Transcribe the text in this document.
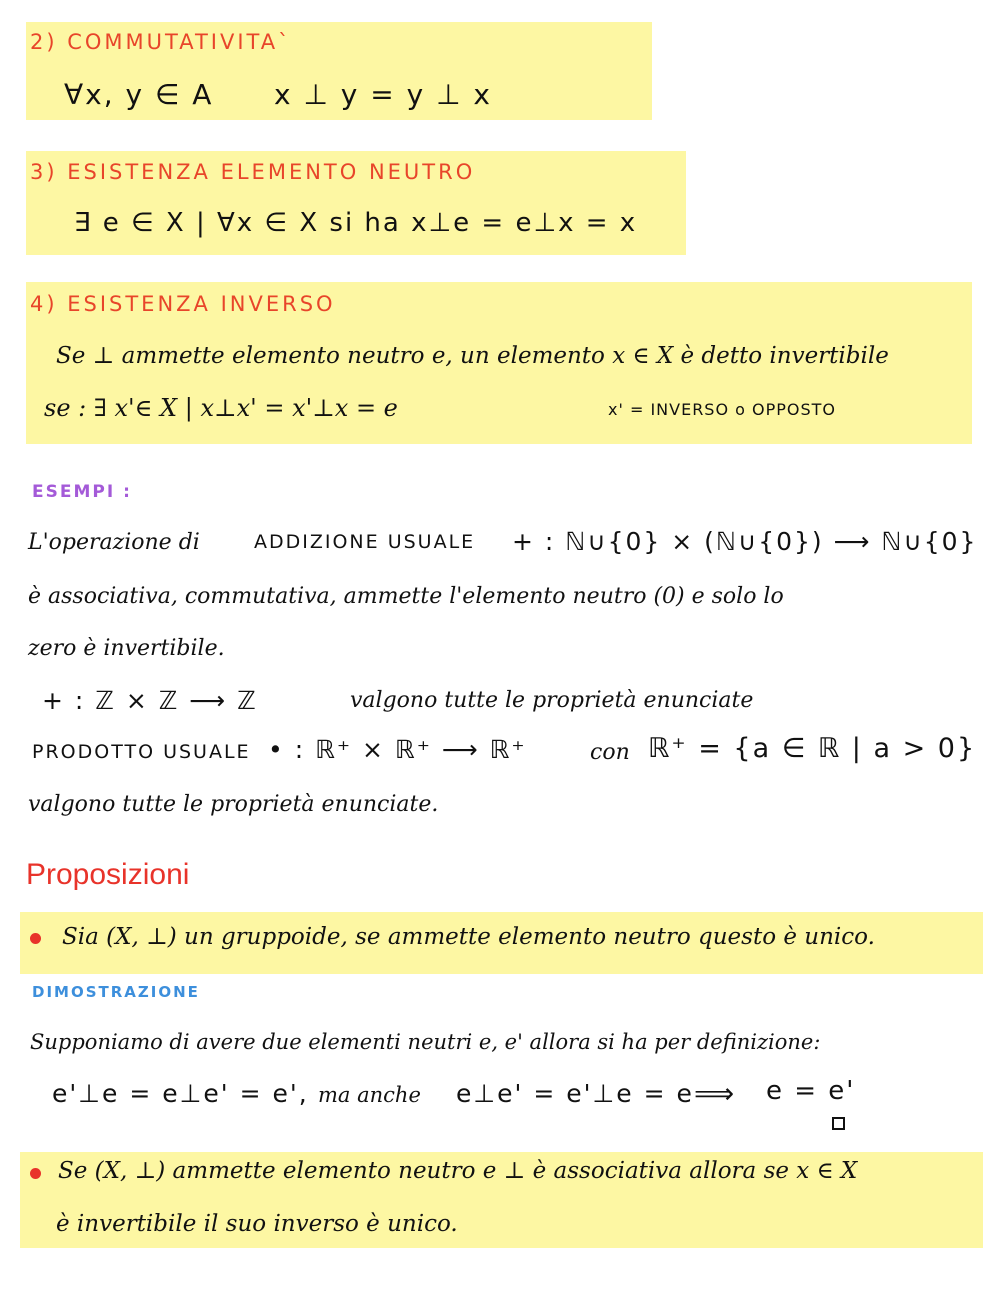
2) COMMUTATIVITA`
∀x, y ∈ A x ⊥ y = y ⊥ x
3) ESISTENZA ELEMENTO NEUTRO
∃ e ∈ X | ∀x ∈ X si ha x⊥e = e⊥x = x
4) ESISTENZA INVERSO
Se ⊥ ammette elemento neutro e, un elemento x ∈ X è detto invertibile
se : ∃ x'∈ X | x⊥x' = x'⊥x = e	x' = INVERSO o OPPOSTO
ESEMPI :
L'operazione di	ADDIZIONE USUALE + : ℕ∪{0} × (ℕ∪{0}) ⟶ ℕ∪{0}
è associativa, commutativa, ammette l'elemento neutro (0) e solo lo
zero è invertibile.
+ : ℤ × ℤ ⟶ ℤ	valgono tutte le proprietà enunciate
PRODOTTO USUALE • : ℝ⁺ × ℝ⁺ ⟶ ℝ⁺	con ℝ⁺ = {a ∈ ℝ | a > 0}
valgono tutte le proprietà enunciate.
Proposizioni
Sia (X, ⊥) un gruppoide, se ammette elemento neutro questo è unico.
DIMOSTRAZIONE
Supponiamo di avere due elementi neutri e, e' allora si ha per definizione:
e'⊥e = e⊥e' = e', ma anche e⊥e' = e'⊥e = e ⟹ e = e'
Se (X, ⊥) ammette elemento neutro e ⊥ è associativa allora se x ∈ X
è invertibile il suo inverso è unico.
